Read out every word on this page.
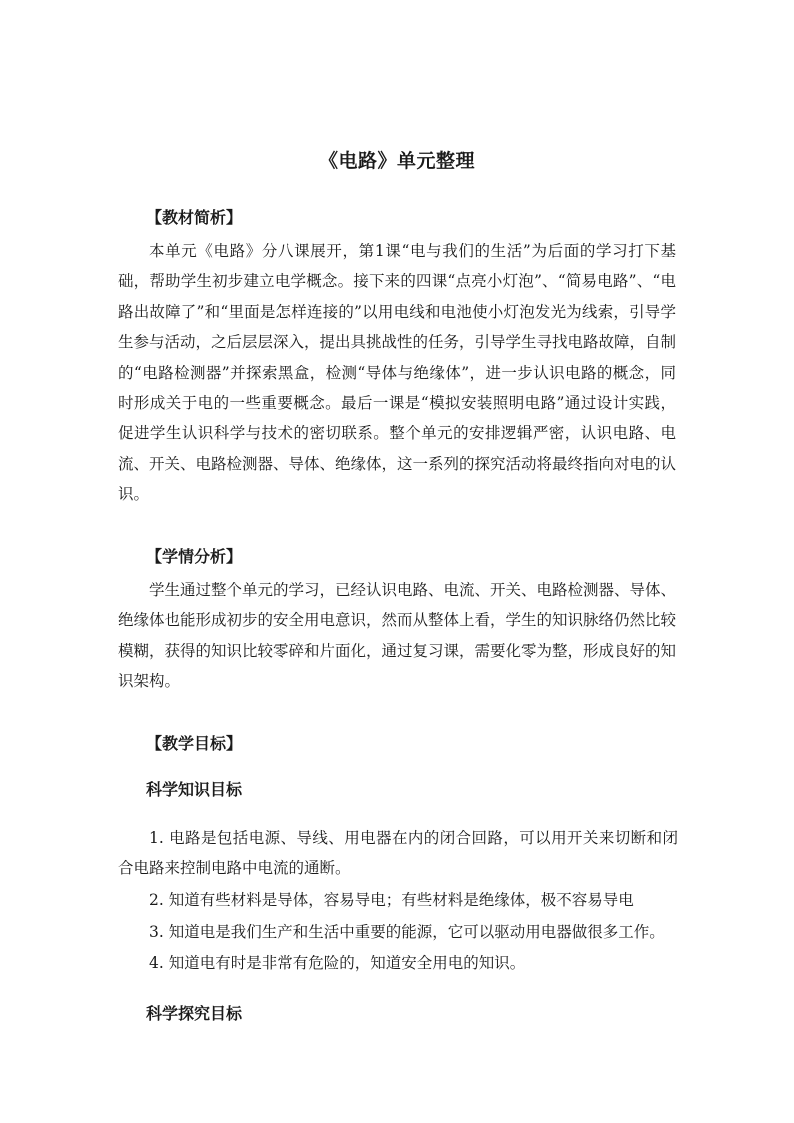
《电路》单元整理
【教材简析】
本单元《电路》分八课展开，第1课“电与我们的生活”为后面的学习打下基础，帮助学生初步建立电学概念。接下来的四课“点亮小灯泡”、“简易电路”、“电路出故障了”和“里面是怎样连接的”以用电线和电池使小灯泡发光为线索，引导学生参与活动，之后层层深入，提出具挑战性的任务，引导学生寻找电路故障，自制的“电路检测器”并探索黑盒，检测“导体与绝缘体”，进一步认识电路的概念，同时形成关于电的一些重要概念。最后一课是“模拟安装照明电路”通过设计实践，促进学生认识科学与技术的密切联系。整个单元的安排逻辑严密，认识电路、电流、开关、电路检测器、导体、绝缘体，这一系列的探究活动将最终指向对电的认识。
【学情分析】
学生通过整个单元的学习，已经认识电路、电流、开关、电路检测器、导体、绝缘体也能形成初步的安全用电意识，然而从整体上看，学生的知识脉络仍然比较模糊，获得的知识比较零碎和片面化，通过复习课，需要化零为整，形成良好的知识架构。
【教学目标】
科学知识目标
1. 电路是包括电源、导线、用电器在内的闭合回路，可以用开关来切断和闭合电路来控制电路中电流的通断。
2. 知道有些材料是导体，容易导电；有些材料是绝缘体，极不容易导电
3. 知道电是我们生产和生活中重要的能源，它可以驱动用电器做很多工作。
4. 知道电有时是非常有危险的，知道安全用电的知识。
科学探究目标
